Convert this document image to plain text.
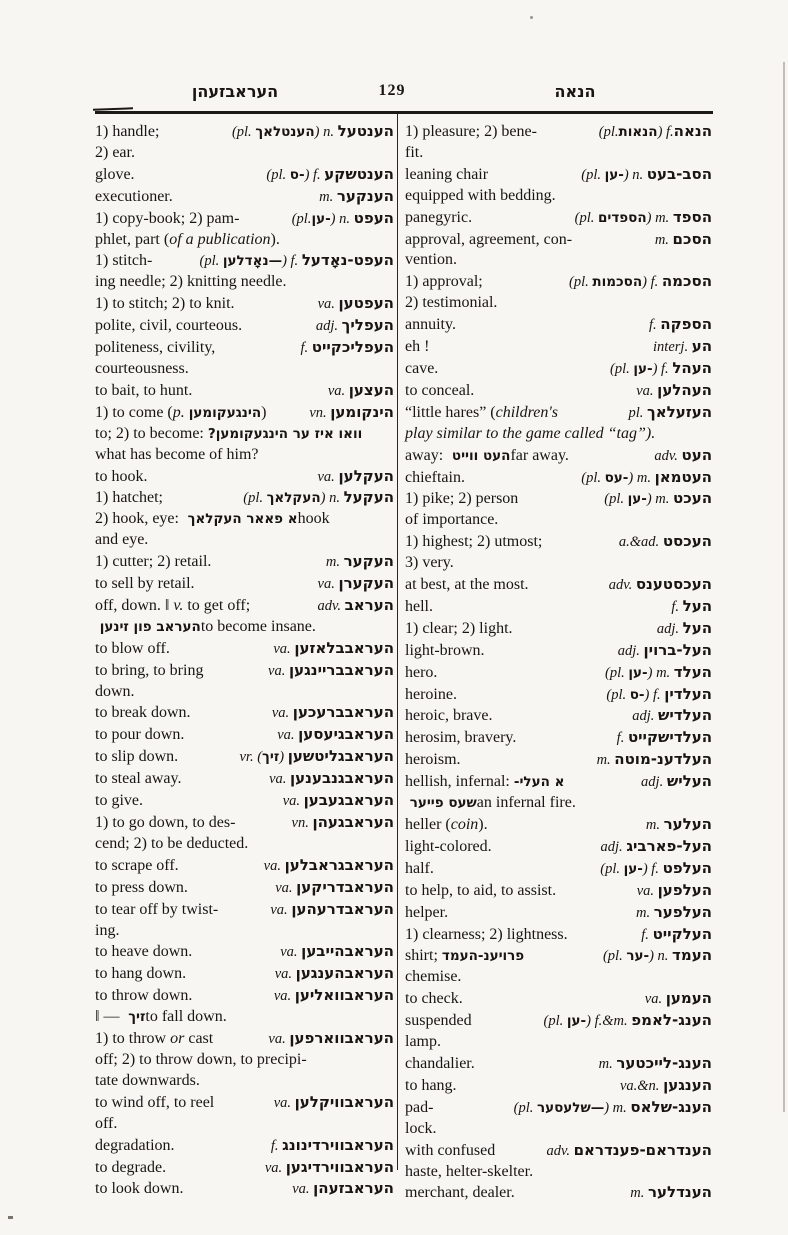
העראבזעהן	129	הנאה
1) handle;	(pl. הענטלאך) n. הענטעל
2) ear.
glove.	(pl. -ס) f. הענטשקע
executioner.	m. הענקער
1) copy-book; 2) pam-	(pl.-ען) n. העפט
phlet, part (of a publication).
1) stitch-	(pl. —נאָדלען) f. העפט-נאָדעל
ing needle; 2) knitting needle.
1) to stitch; 2) to knit.	va. העפטען
polite, civil, courteous.	adj. העפליך
politeness, civility,	f. העפליכקייט
courteousness.
to bait, to hunt.	va. העצען
1) to come (p. הינגעקומען)	vn. הינקומען
to; 2) to become: וואו איז ער הינגעקומען?
what has become of him?
to hook.	va. העקלען
1) hatchet;	(pl. העקלאך) n. העקעל
2) hook, eye: א פאאר העקלאך hook
and eye.
1) cutter; 2) retail.	m. העקער
to sell by retail.	va. העקערן
off, down. ‖ v. to get off;	adv. העראב
העראב פון זינען to become insane.
to blow off.	va. העראבבלאזען
to bring, to bring	va. העראבבריינגען
down.
to break down.	va. העראבברעכען
to pour down.	va. העראבגיעסען
to slip down.	vr. (זיך) העראבגליטשען
to steal away.	va. העראבגנבענען
to give.	va. העראבגעבען
1) to go down, to des-	vn. העראבגעהן
cend; 2) to be deducted.
to scrape off.	va. העראבגראבלען
to press down.	va. העראבדריקען
to tear off by twist-	va. העראבדרעהען
ing.
to heave down.	va. העראבהייבען
to hang down.	va. העראבהענגען
to throw down.	va. העראבוואליען
‖ — זיך to fall down.
1) to throw or cast	va. העראבווארפען
off; 2) to throw down, to precipi-
tate downwards.
to wind off, to reel	va. העראבוויקלען
off.
degradation.	f. העראבווירדינונג
to degrade.	va. העראבווירדיגען
to look down.	va. העראבזעהן
1) pleasure; 2) bene-	(pl.הנאות) f.הנאה
fit.
leaning chair	(pl. -ען) n. הסב-בעט
equipped with bedding.
panegyric.	(pl. הספדים) m. הספד
approval, agreement, con-	m. הסכם
vention.
1) approval;	(pl. הסכמות) f. הסכמה
2) testimonial.
annuity.	f. הספקה
eh !	interj. הע
cave.	(pl. -ען) f. העהל
to conceal.	va. העהלען
“little hares” (children's	pl. העזעלאך
play similar to the game called “tag”).
away: העט ווייט far away.	adv. העט
chieftain.	(pl. -עס) m. העטמאן
1) pike; 2) person	(pl. -ען) m. העכט
of importance.
1) highest; 2) utmost;	a.&ad. העכסט
3) very.
at best, at the most.	adv. העכסטענס
hell.	f. העל
1) clear; 2) light.	adj. העל
light-brown.	adj. העל-ברוין
hero.	(pl. -ען) m. העלד
heroine.	(pl. -ס) f. העלדין
heroic, brave.	adj. העלדיש
herosim, bravery.	f. העלדישקייט
heroism.	m. העלדענ-מוטה
hellish, infernal: א העלי-	adj. העליש
שעס פייער an infernal fire.
heller (coin).	m. העלער
light-colored.	adj. העל-פארביג
half.	(pl. -ען) f. העלפט
to help, to aid, to assist.	va. העלפען
helper.	m. העלפער
1) clearness; 2) lightness.	f. העלקייט
shirt; פרויענ-העמד	(pl. -ער) n. העמד
chemise.
to check.	va. העמען
suspended	(pl. -ען) f.&m. הענג-לאמפ
lamp.
chandalier.	m. הענג-לייכטער
to hang.	va.&n. הענגען
pad-	(pl. —שלעסער) m. הענג-שלאס
lock.
with confused	adv. הענדראם-פענדראם
haste, helter-skelter.
merchant, dealer.	m. הענדלער
